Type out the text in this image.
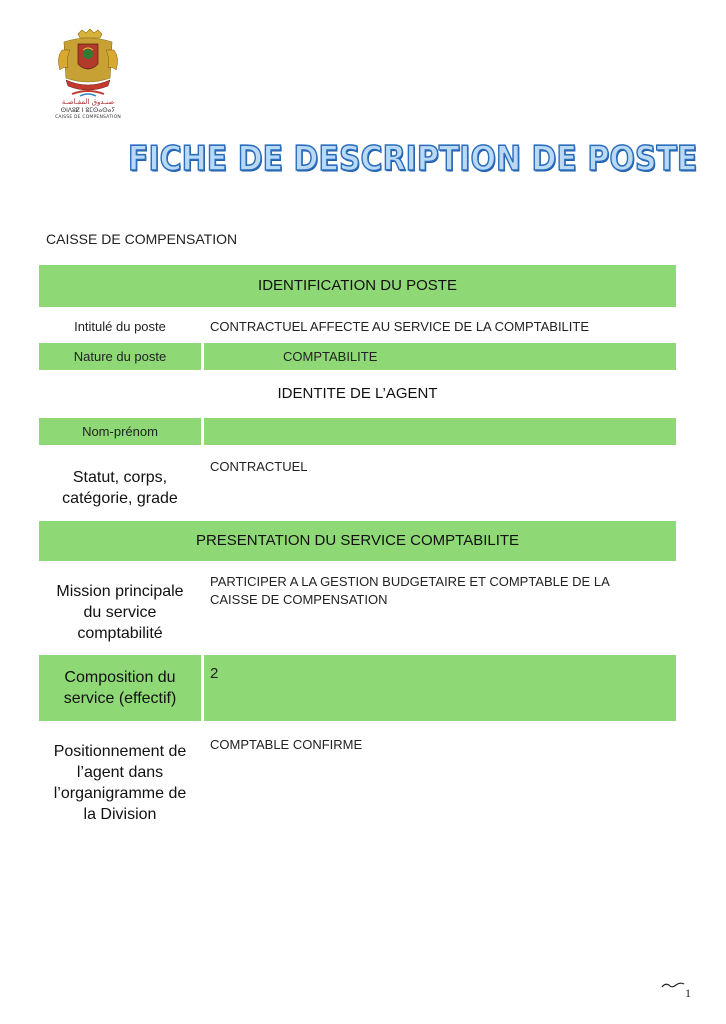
صنـدوق المقـاصـة
ⵙⵏⴷⵓⵇ ⵏ ⵓⵎⵙⴰⵙⴰⵢ
CAISSE DE COMPENSATION
FICHE DE DESCRIPTION DE POSTE
CAISSE DE COMPENSATION
IDENTIFICATION DU POSTE
Intitulé du poste	CONTRACTUEL AFFECTE AU SERVICE DE LA COMPTABILITE
Nature du poste	COMPTABILITE
IDENTITE DE L’AGENT
Nom-prénom
Statut, corps,
catégorie, grade
CONTRACTUEL
PRESENTATION DU SERVICE COMPTABILITE
Mission principale
du service
comptabilité
PARTICIPER A LA GESTION BUDGETAIRE ET COMPTABLE DE LA
CAISSE DE COMPENSATION
Composition du
service (effectif)
2
Positionnement de
l’agent dans
l’organigramme de
la Division
COMPTABLE CONFIRME
1
